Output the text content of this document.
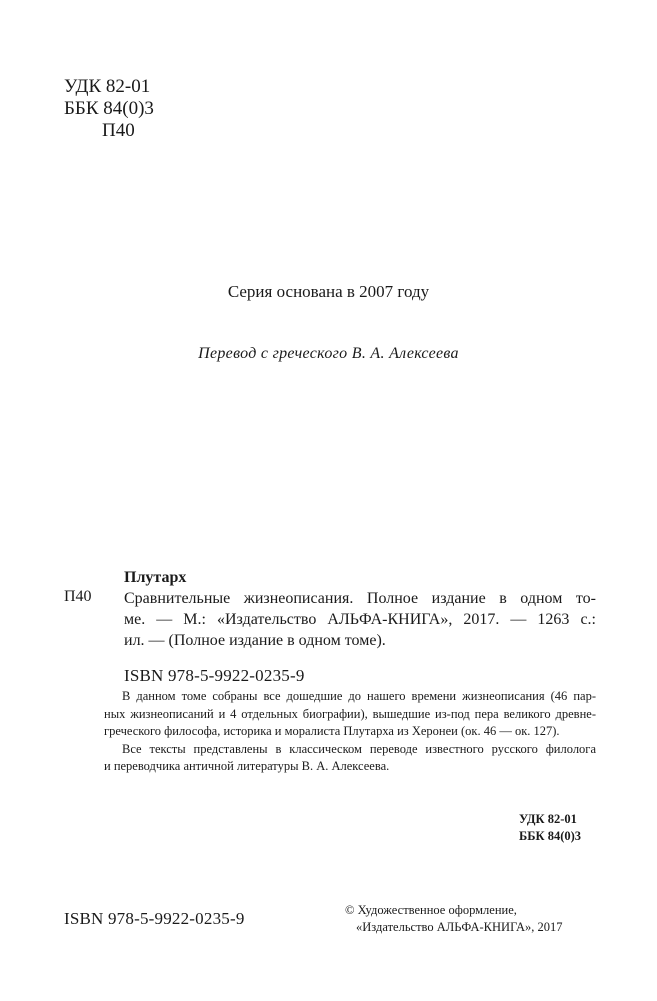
УДК 82-01
ББК 84(0)3
П40
Серия основана в 2007 году
Перевод с греческого В. А. Алексеева
Плутарх
П40 Сравнительные жизнеописания. Полное издание в одном то-
ме. — М.: «Издательство АЛЬФА-КНИГА», 2017. — 1263 с.:
ил. — (Полное издание в одном томе).
ISBN 978-5-9922-0235-9
В данном томе собраны все дошедшие до нашего времени жизнеописания (46 пар-
ных жизнеописаний и 4 отдельных биографии), вышедшие из-под пера великого древне-
греческого философа, историка и моралиста Плутарха из Херонеи (ок. 46 — ок. 127).
Все тексты представлены в классическом переводе известного русского филолога
и переводчика античной литературы В. А. Алексеева.
УДК 82-01
ББК 84(0)3
ISBN 978-5-9922-0235-9	© Художественное оформление,
«Издательство АЛЬФА-КНИГА», 2017
